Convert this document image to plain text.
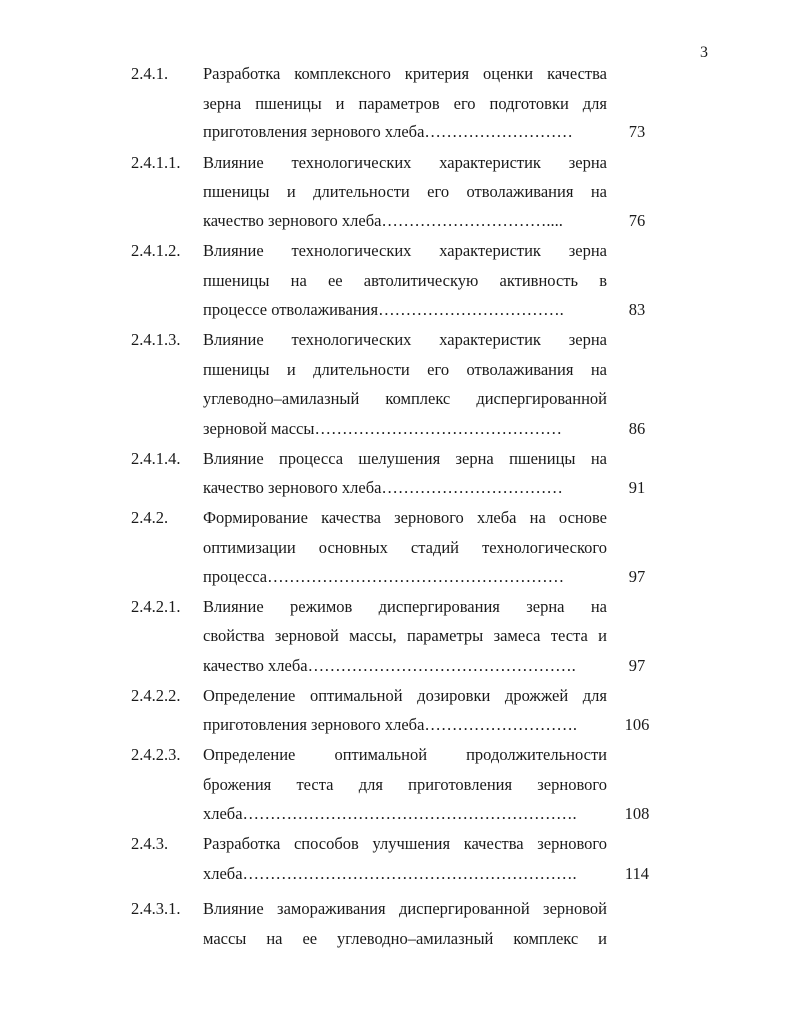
3
2.4.1. Разработка комплексного критерия оценки качества
зерна пшеницы и параметров его подготовки для
приготовления зернового хлеба………………………	73
2.4.1.1. Влияние технологических характеристик зерна
пшеницы и длительности его отволаживания на
качество зернового хлеба…………………………....	76
2.4.1.2. Влияние технологических характеристик зерна
пшеницы на ее автолитическую активность в
процессе отволаживания…………………………….	83
2.4.1.3. Влияние технологических характеристик зерна
пшеницы и длительности его отволаживания на
углеводно–амилазный комплекс диспергированной
зерновой массы………………………………………	86
2.4.1.4. Влияние процесса шелушения зерна пшеницы на
качество зернового хлеба……………………………	91
2.4.2. Формирование качества зернового хлеба на основе
оптимизации основных стадий технологического
процесса………………………………………………	97
2.4.2.1. Влияние режимов диспергирования зерна на
свойства зерновой массы, параметры замеса теста и
качество хлеба………………………………………….	97
2.4.2.2. Определение оптимальной дозировки дрожжей для
приготовления зернового хлеба……………………….	106
2.4.2.3. Определение оптимальной продолжительности
брожения теста для приготовления зернового
хлеба…………………………………………………….	108
2.4.3. Разработка способов улучшения качества зернового
хлеба…………………………………………………….	114
2.4.3.1. Влияние замораживания диспергированной зерновой
массы на ее углеводно–амилазный комплекс и
